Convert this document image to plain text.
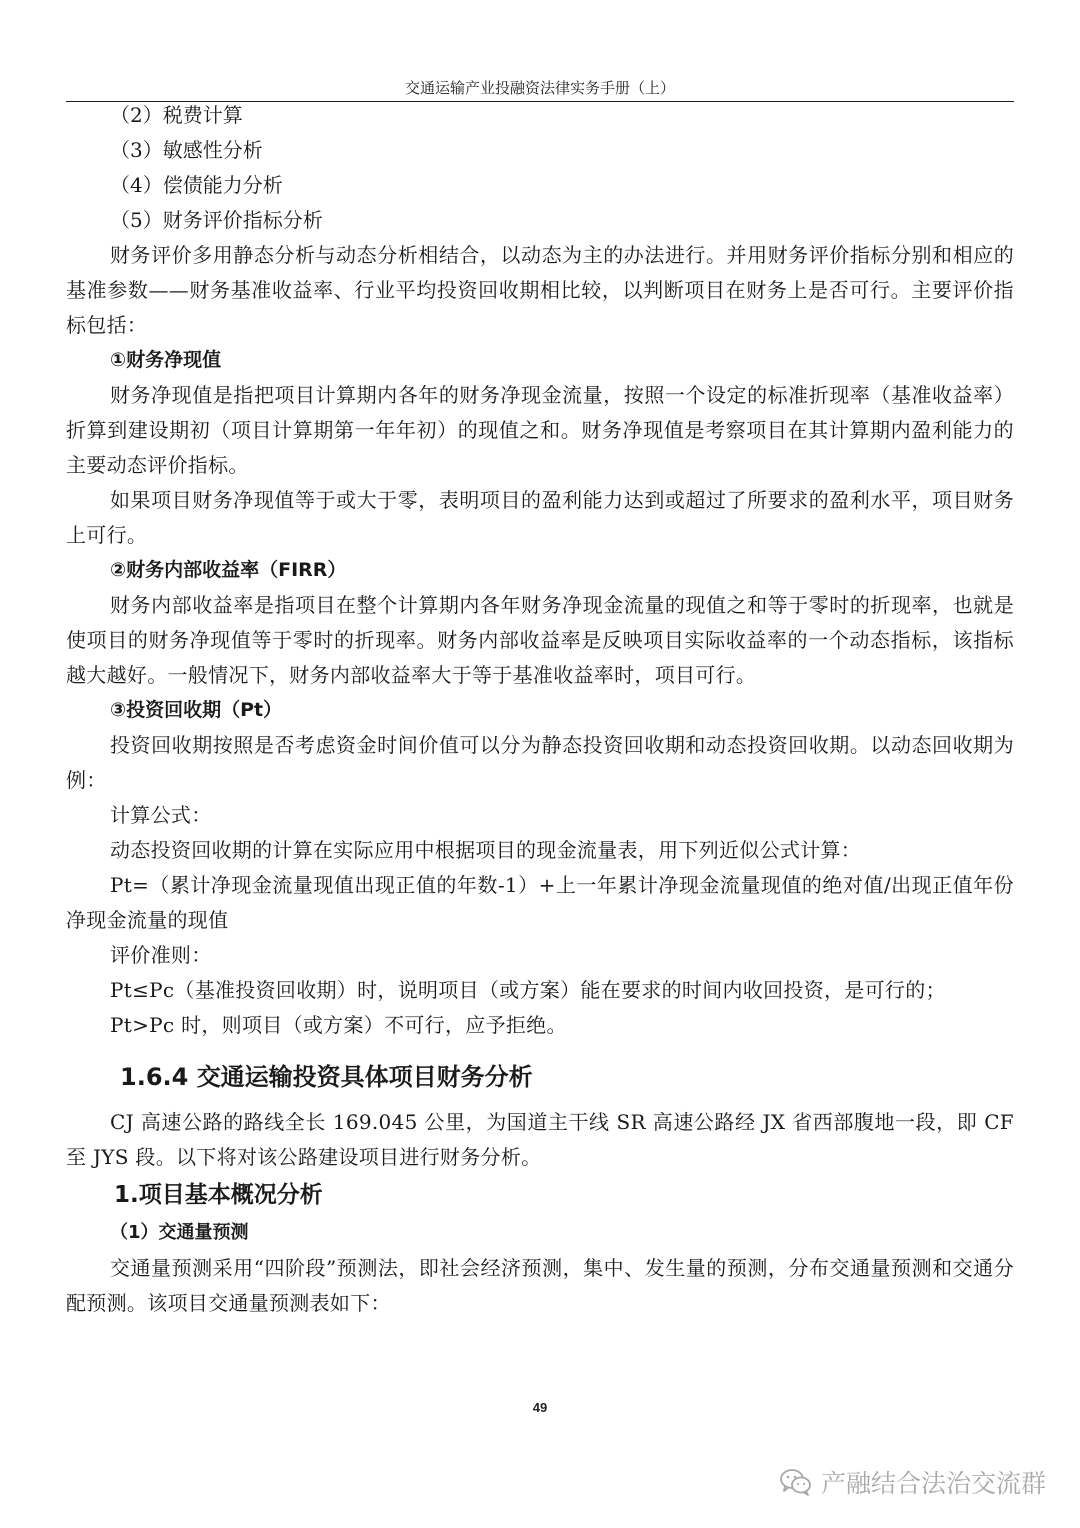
交通运输产业投融资法律实务手册（上）

（2）税费计算

（3）敏感性分析

（4）偿债能力分析

（5）财务评价指标分析

财务评价多用静态分析与动态分析相结合，以动态为主的办法进行。并用财务评价指标分别和相应的基准参数——财务基准收益率、行业平均投资回收期相比较，以判断项目在财务上是否可行。主要评价指标包括：

①财务净现值

财务净现值是指把项目计算期内各年的财务净现金流量，按照一个设定的标准折现率（基准收益率）折算到建设期初（项目计算期第一年年初）的现值之和。财务净现值是考察项目在其计算期内盈利能力的主要动态评价指标。

如果项目财务净现值等于或大于零，表明项目的盈利能力达到或超过了所要求的盈利水平，项目财务上可行。

②财务内部收益率（FIRR）

财务内部收益率是指项目在整个计算期内各年财务净现金流量的现值之和等于零时的折现率，也就是使项目的财务净现值等于零时的折现率。财务内部收益率是反映项目实际收益率的一个动态指标，该指标越大越好。一般情况下，财务内部收益率大于等于基准收益率时，项目可行。

③投资回收期（Pt）

投资回收期按照是否考虑资金时间价值可以分为静态投资回收期和动态投资回收期。以动态回收期为例：

计算公式：

动态投资回收期的计算在实际应用中根据项目的现金流量表，用下列近似公式计算：

Pt=（累计净现金流量现值出现正值的年数-1）+上一年累计净现金流量现值的绝对值/出现正值年份净现金流量的现值

评价准则：

Pt≤Pc（基准投资回收期）时，说明项目（或方案）能在要求的时间内收回投资，是可行的；

Pt>Pc 时，则项目（或方案）不可行，应予拒绝。

1.6.4 交通运输投资具体项目财务分析

CJ 高速公路的路线全长 169.045 公里，为国道主干线 SR 高速公路经 JX 省西部腹地一段，即 CF 至 JYS 段。以下将对该公路建设项目进行财务分析。

1.项目基本概况分析

（1）交通量预测

交通量预测采用“四阶段”预测法，即社会经济预测，集中、发生量的预测，分布交通量预测和交通分配预测。该项目交通量预测表如下：

49
产融结合法治交流群
